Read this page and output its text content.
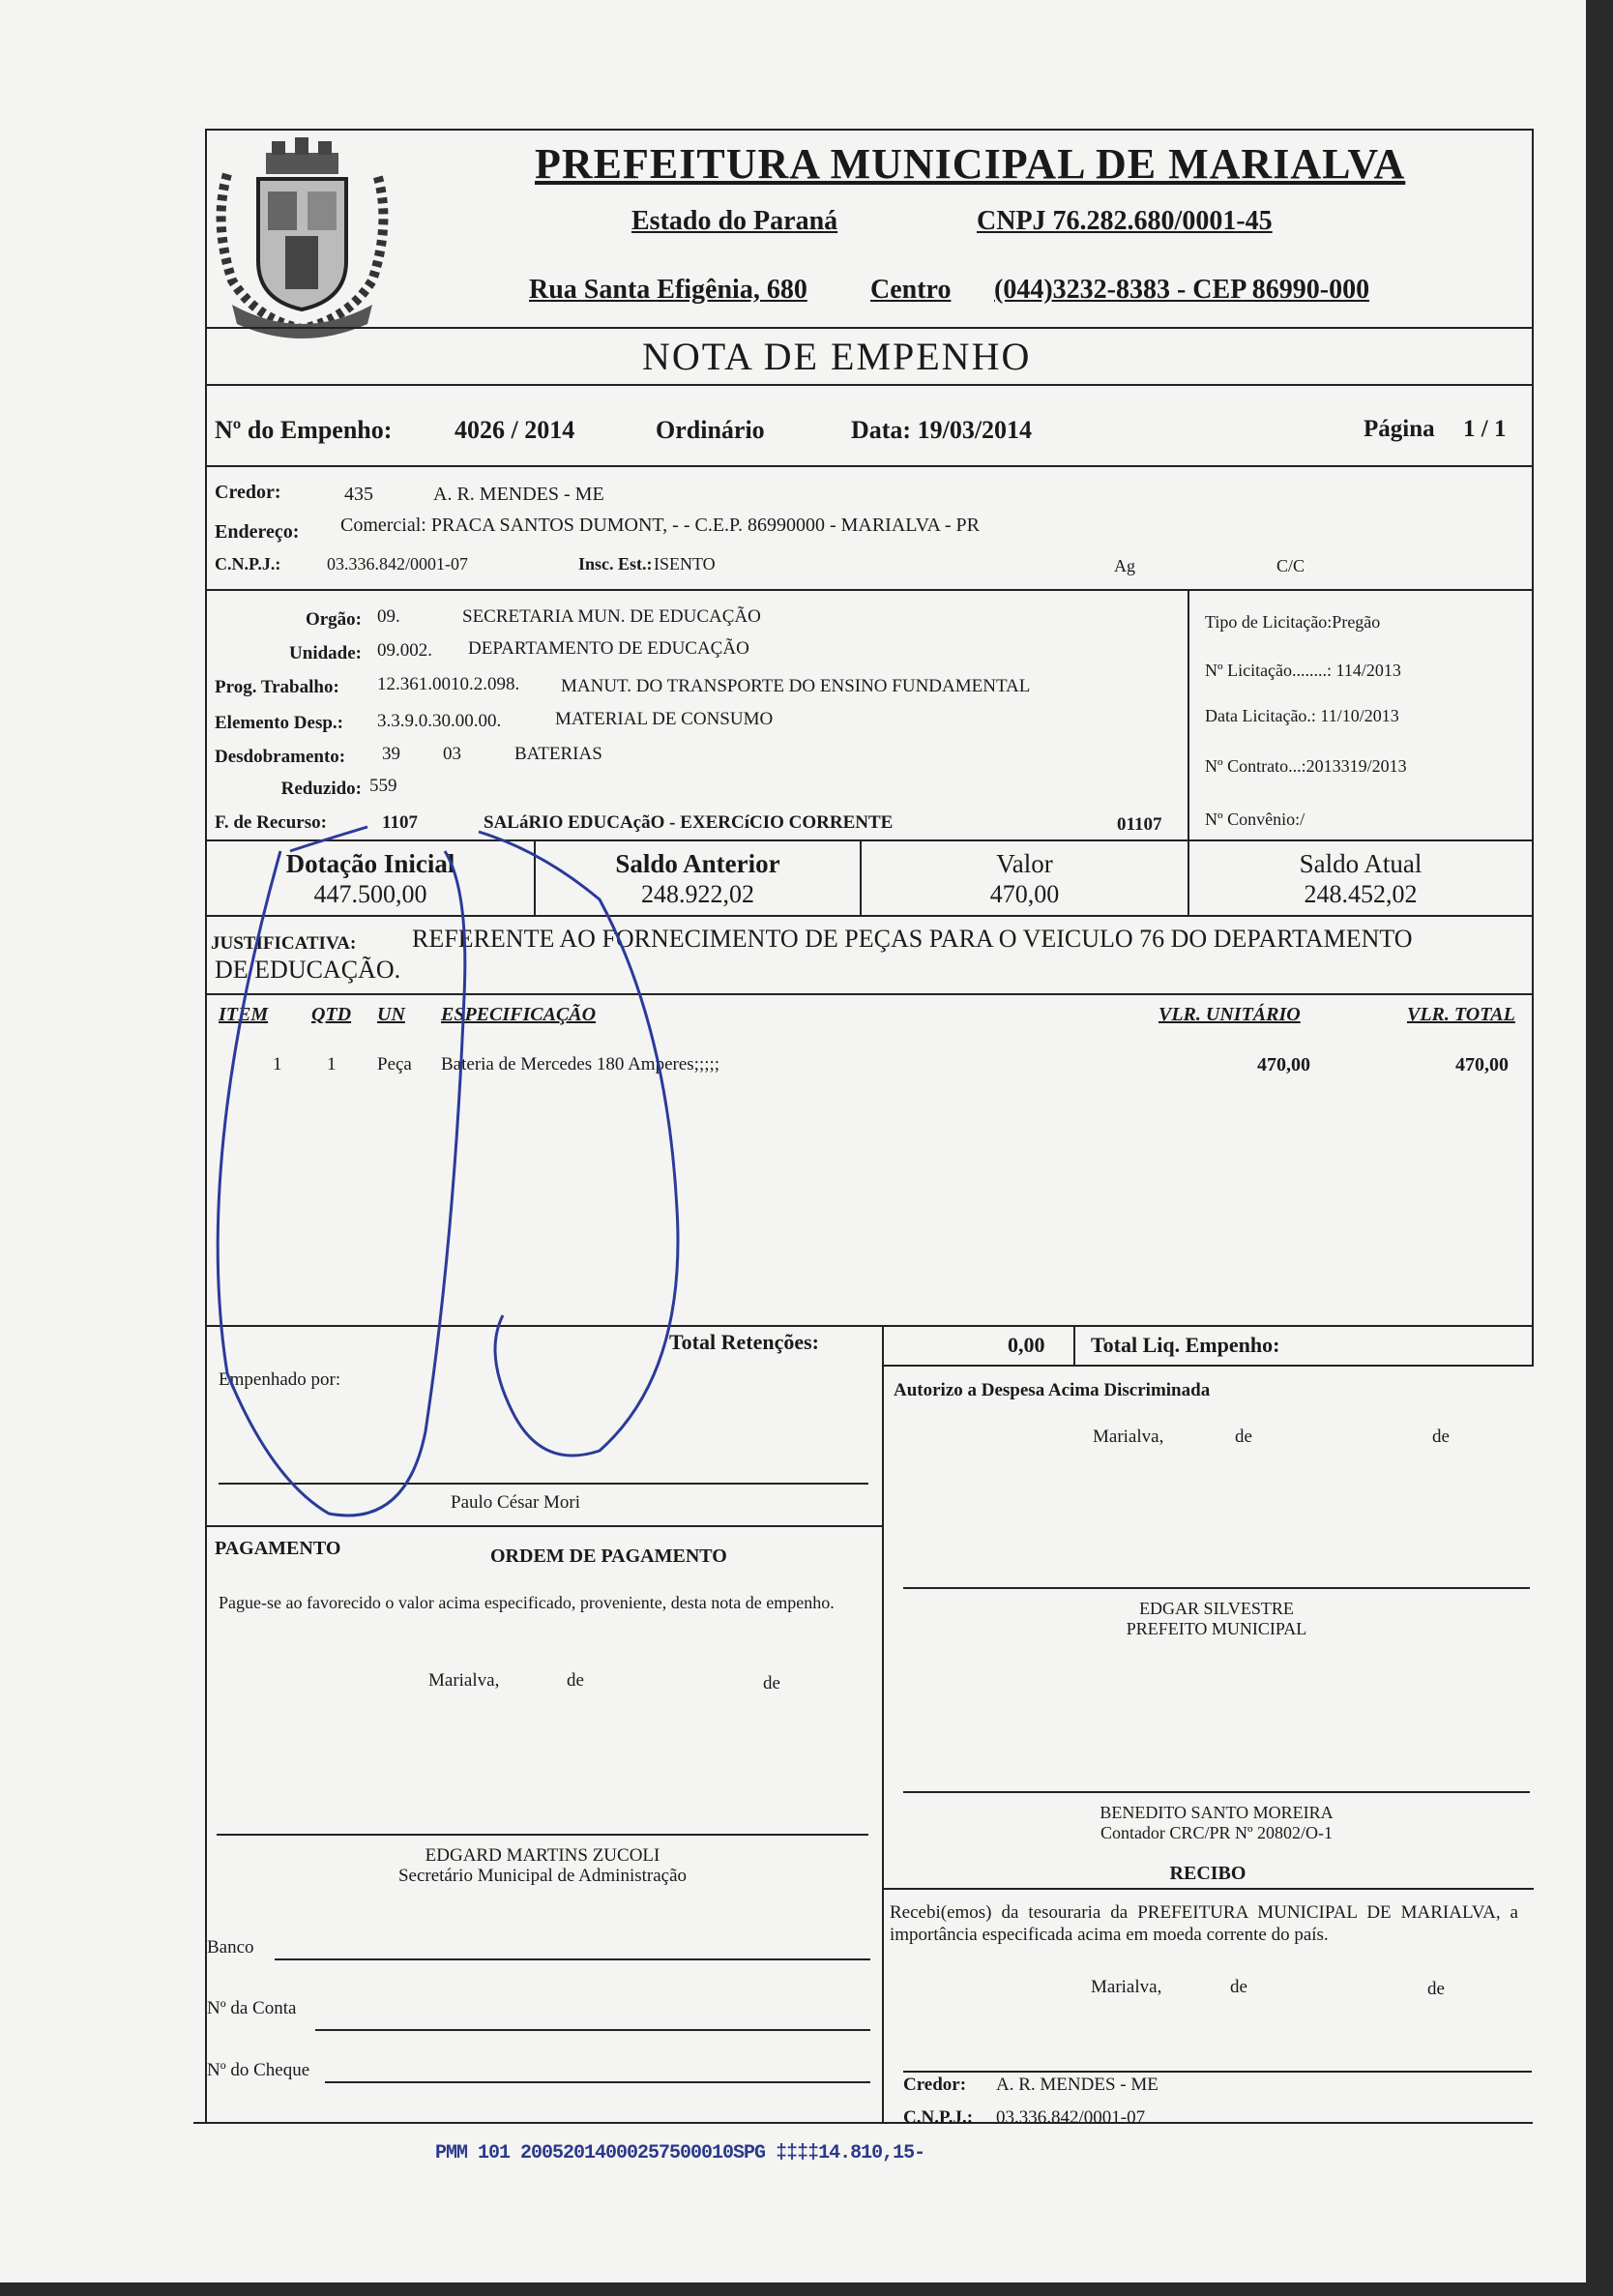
PREFEITURA MUNICIPAL DE MARIALVA
Estado do Paraná	CNPJ 76.282.680/0001-45
Rua Santa Efigênia, 680 Centro (044)3232-8383 - CEP 86990-000
NOTA DE EMPENHO
Nº do Empenho: 4026 / 2014	Ordinário	Data: 19/03/2014	Página 1 / 1
Credor:	435	A. R. MENDES - ME
Endereço: Comercial: PRACA SANTOS DUMONT, - - C.E.P. 86990000 - MARIALVA - PR
C.N.P.J.:	03.336.842/0001-07	Insc. Est.: ISENTO	Ag	C/C
Orgão: 09.	SECRETARIA MUN. DE EDUCAÇÃO
Unidade: 09.002. DEPARTAMENTO DE EDUCAÇÃO
Prog. Trabalho: 12.361.0010.2.098. MANUT. DO TRANSPORTE DO ENSINO FUNDAMENTAL
Elemento Desp.: 3.3.9.0.30.00.00.	MATERIAL DE CONSUMO
Desdobramento: 39 03	BATERIAS
Reduzido: 559
F. de Recurso:	1107	SALáRIO EDUCAçãO - EXERCíCIO CORRENTE	01107
Tipo de Licitação:Pregão
Nº Licitação........: 114/2013
Data Licitação.: 11/10/2013
Nº Contrato...:2013319/2013
Nº Convênio:/
Dotação Inicial
447.500,00
Saldo Anterior
248.922,02
Valor
470,00
Saldo Atual
248.452,02
JUSTIFICATIVA: REFERENTE AO FORNECIMENTO DE PEÇAS PARA O VEICULO 76 DO DEPARTAMENTO
DE EDUCAÇÃO.
ITEM QTD UN ESPECIFICAÇÃO	VLR. UNITÁRIO	VLR. TOTAL
1 1 Peça Bateria de Mercedes 180 Amperes;;;;;	470,00	470,00
Total Retenções:	0,00 Total Liq. Empenho:
Empenhado por:
Paulo César Mori
Autorizo a Despesa Acima Discriminada
Marialva,	de	de
PAGAMENTO	ORDEM DE PAGAMENTO
Pague-se ao favorecido o valor acima especificado, proveniente, desta nota de empenho.
Marialva,	de	de
EDGARD MARTINS ZUCOLI
Secretário Municipal de Administração
Banco
Nº da Conta
Nº do Cheque
EDGAR SILVESTRE
PREFEITO MUNICIPAL
BENEDITO SANTO MOREIRA
Contador CRC/PR Nº 20802/O-1
RECIBO
Recebi(emos) da tesouraria da PREFEITURA MUNICIPAL DE MARIALVA, a importância especificada acima em moeda corrente do país.
Marialva,	de	de
Credor: A. R. MENDES - ME
C.N.P.J.: 03.336.842/0001-07
PMM 101 20052014000257500010SPG ‡‡‡‡14.810,15-
